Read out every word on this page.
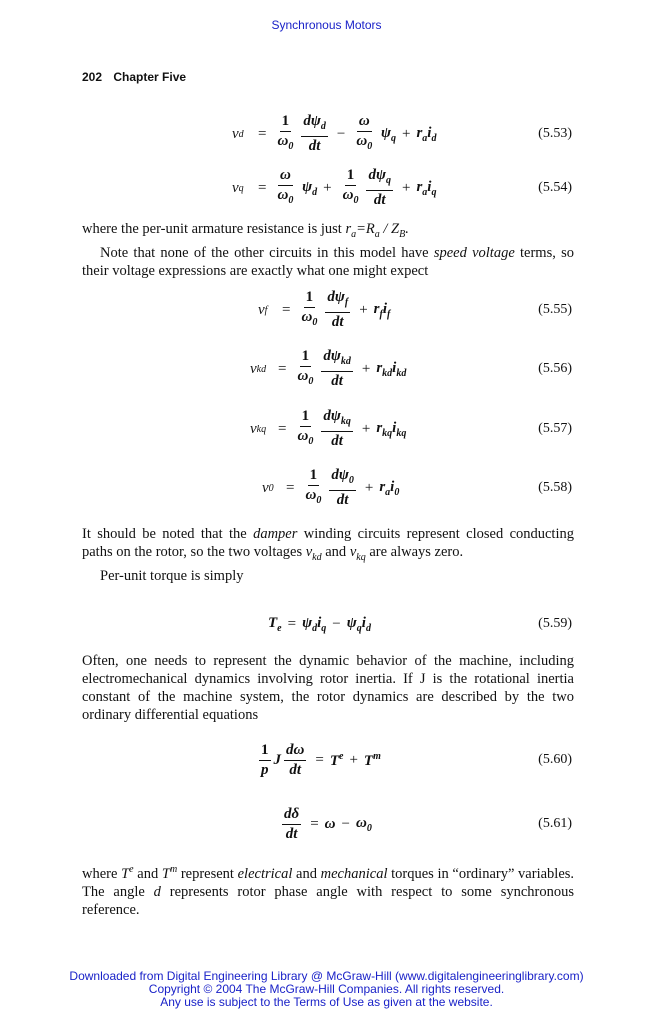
Synchronous Motors
202 Chapter Five
v $d = \frac{1}{\omega_0} \frac{d\psi_d}{dt} - \frac{\omega}{\omega_0} \psi_q + r_ai_d$	(5.53)
v $q = \frac{\omega}{\omega_0} \psi_d + \frac{1}{\omega_0} \frac{d\psi_q}{dt} + r_ai_q$	(5.54)
where the per-unit armature resistance is just $r_a=R_a / Z_B$.
Note that none of the other circuits in this model have speed voltage terms, so their voltage expressions are exactly what one might expect
v $f = \frac{1}{\omega_0} \frac{d\psi_f}{dt} + r_fi_f$	(5.55)
v kd = $\frac{1}{\omega_0} \frac{d\psi_{kd}}{dt} + r_{kd}i_{kd}$	(5.56)
v kq = $\frac{1}{\omega_0} \frac{d\psi_{kq}}{dt} + r_{kq}i_{kq}$	(5.57)
v $0 = \frac{1}{\omega_0} \frac{d\psi_0}{dt} + r_ai_0$	(5.58)
It should be noted that the damper winding circuits represent closed conducting paths on the rotor, so the two voltages $v_{kd}$ and $v_{kq}$ are always zero.
Per-unit torque is simply
$T_e = \psi_di_q - \psi_qi_d$	(5.59)
Often, one needs to represent the dynamic behavior of the machine, including electromechanical dynamics involving rotor inertia. If J is the rotational inertia constant of the machine system, the rotor dynamics are described by the two ordinary differential equations
$\frac{1}{p}$ J $\frac{d\omega}{dt} = T^e + T^m$	(5.60)
$\frac{d\delta}{dt} = \omega - \omega_0$	(5.61)
where $T^e$ and $T^m$ represent electrical and mechanical torques in “ordinary” variables. The angle d represents rotor phase angle with respect to some synchronous reference.
Downloaded from Digital Engineering Library @ McGraw-Hill (www.digitalengineeringlibrary.com)
Copyright © 2004 The McGraw-Hill Companies. All rights reserved.
Any use is subject to the Terms of Use as given at the website.
